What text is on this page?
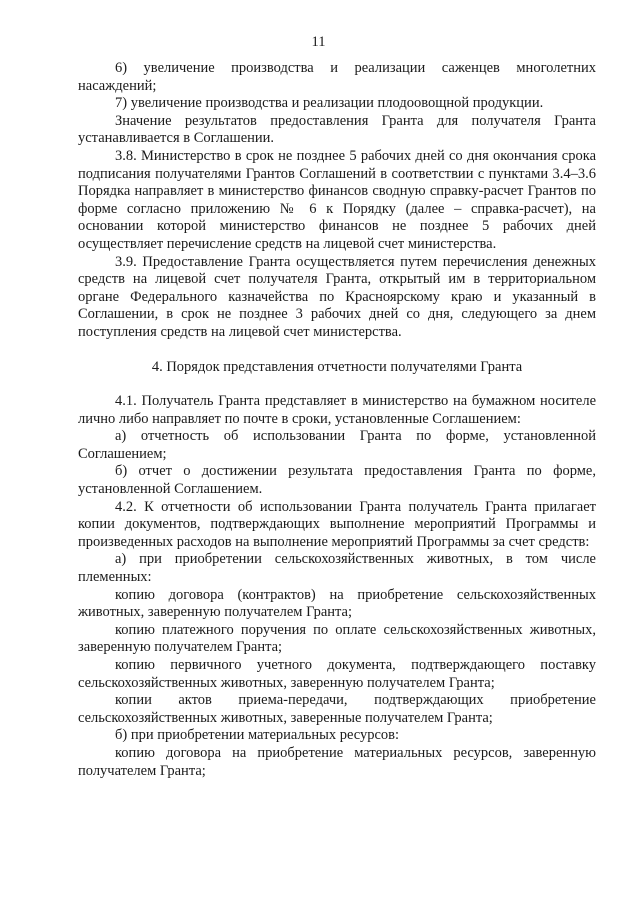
11

6) увеличение производства и реализации саженцев многолетних насаждений;

7) увеличение производства и реализации плодоовощной продукции.

Значение результатов предоставления Гранта для получателя Гранта устанавливается в Соглашении.

3.8. Министерство в срок не позднее 5 рабочих дней со дня окончания срока подписания получателями Грантов Соглашений в соответствии с пунктами 3.4–3.6 Порядка направляет в министерство финансов сводную справку-расчет Грантов по форме согласно приложению № 6 к Порядку (далее – справка-расчет), на основании которой министерство финансов не позднее 5 рабочих дней осуществляет перечисление средств на лицевой счет министерства.

3.9. Предоставление Гранта осуществляется путем перечисления денежных средств на лицевой счет получателя Гранта, открытый им в территориальном органе Федерального казначейства по Красноярскому краю и указанный в Соглашении, в срок не позднее 3 рабочих дней со дня, следующего за днем поступления средств на лицевой счет министерства.

4. Порядок представления отчетности получателями Гранта

4.1. Получатель Гранта представляет в министерство на бумажном носителе лично либо направляет по почте в сроки, установленные Соглашением:

а) отчетность об использовании Гранта по форме, установленной Соглашением;

б) отчет о достижении результата предоставления Гранта по форме, установленной Соглашением.

4.2. К отчетности об использовании Гранта получатель Гранта прилагает копии документов, подтверждающих выполнение мероприятий Программы и произведенных расходов на выполнение мероприятий Программы за счет средств:

а) при приобретении сельскохозяйственных животных, в том числе племенных:

копию договора (контрактов) на приобретение сельскохозяйственных животных, заверенную получателем Гранта;

копию платежного поручения по оплате сельскохозяйственных животных, заверенную получателем Гранта;

копию первичного учетного документа, подтверждающего поставку сельскохозяйственных животных, заверенную получателем Гранта;

копии актов приема-передачи, подтверждающих приобретение сельскохозяйственных животных, заверенные получателем Гранта;

б) при приобретении материальных ресурсов:

копию договора на приобретение материальных ресурсов, заверенную получателем Гранта;
